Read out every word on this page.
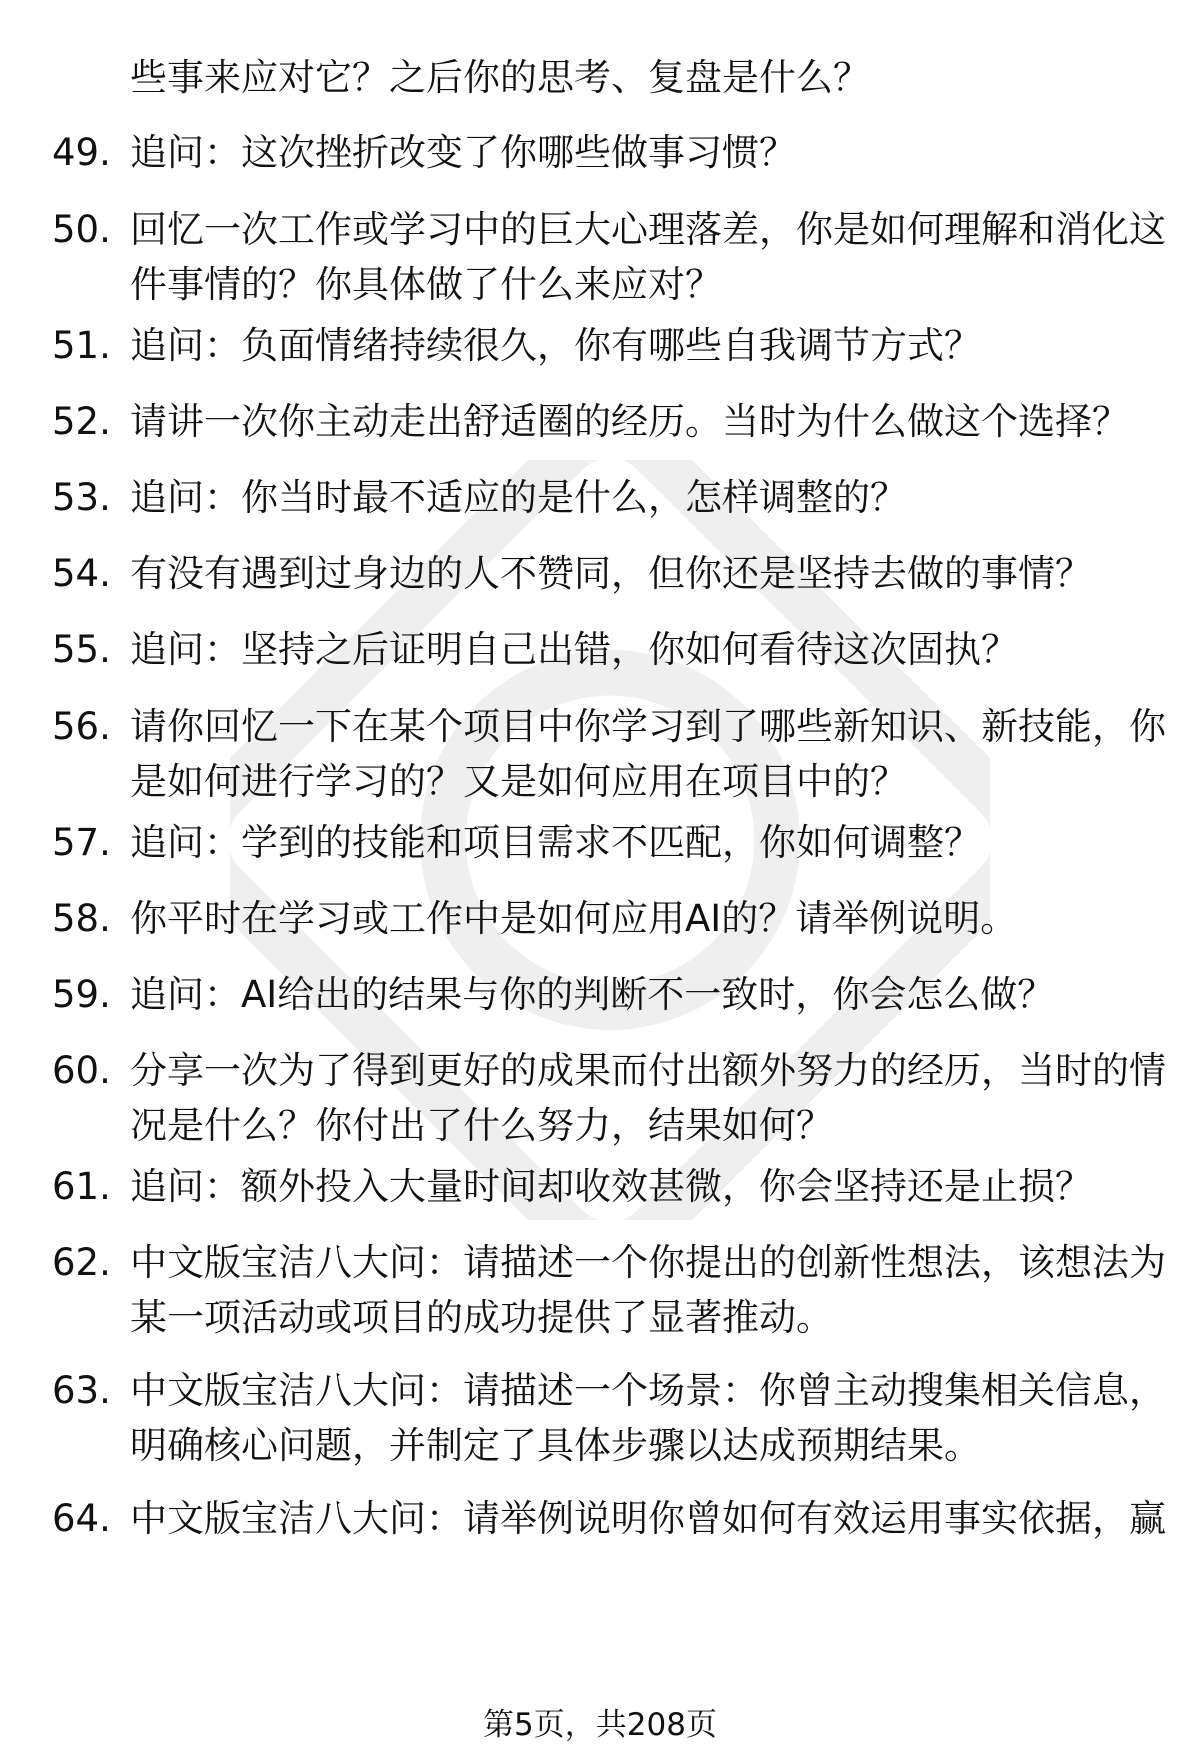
些事来应对它？之后你的思考、复盘是什么？
49. 追问：这次挫折改变了你哪些做事习惯？
50. 回忆一次工作或学习中的巨大心理落差，你是如何理解和消化这
件事情的？你具体做了什么来应对？
51. 追问：负面情绪持续很久，你有哪些自我调节方式？
52. 请讲一次你主动走出舒适圈的经历。当时为什么做这个选择？
53. 追问：你当时最不适应的是什么，怎样调整的？
54. 有没有遇到过身边的人不赞同，但你还是坚持去做的事情？
55. 追问：坚持之后证明自己出错，你如何看待这次固执？
56. 请你回忆一下在某个项目中你学习到了哪些新知识、新技能，你
是如何进行学习的？又是如何应用在项目中的？
57. 追问：学到的技能和项目需求不匹配，你如何调整？
58. 你平时在学习或工作中是如何应用AI的？请举例说明。
59. 追问：AI给出的结果与你的判断不一致时，你会怎么做？
60. 分享一次为了得到更好的成果而付出额外努力的经历，当时的情
况是什么？你付出了什么努力，结果如何？
61. 追问：额外投入大量时间却收效甚微，你会坚持还是止损？
62. 中文版宝洁八大问：请描述一个你提出的创新性想法，该想法为
某一项活动或项目的成功提供了显著推动。
63. 中文版宝洁八大问：请描述一个场景：你曾主动搜集相关信息，
明确核心问题，并制定了具体步骤以达成预期结果。
64. 中文版宝洁八大问：请举例说明你曾如何有效运用事实依据，赢
第5页，共208页
